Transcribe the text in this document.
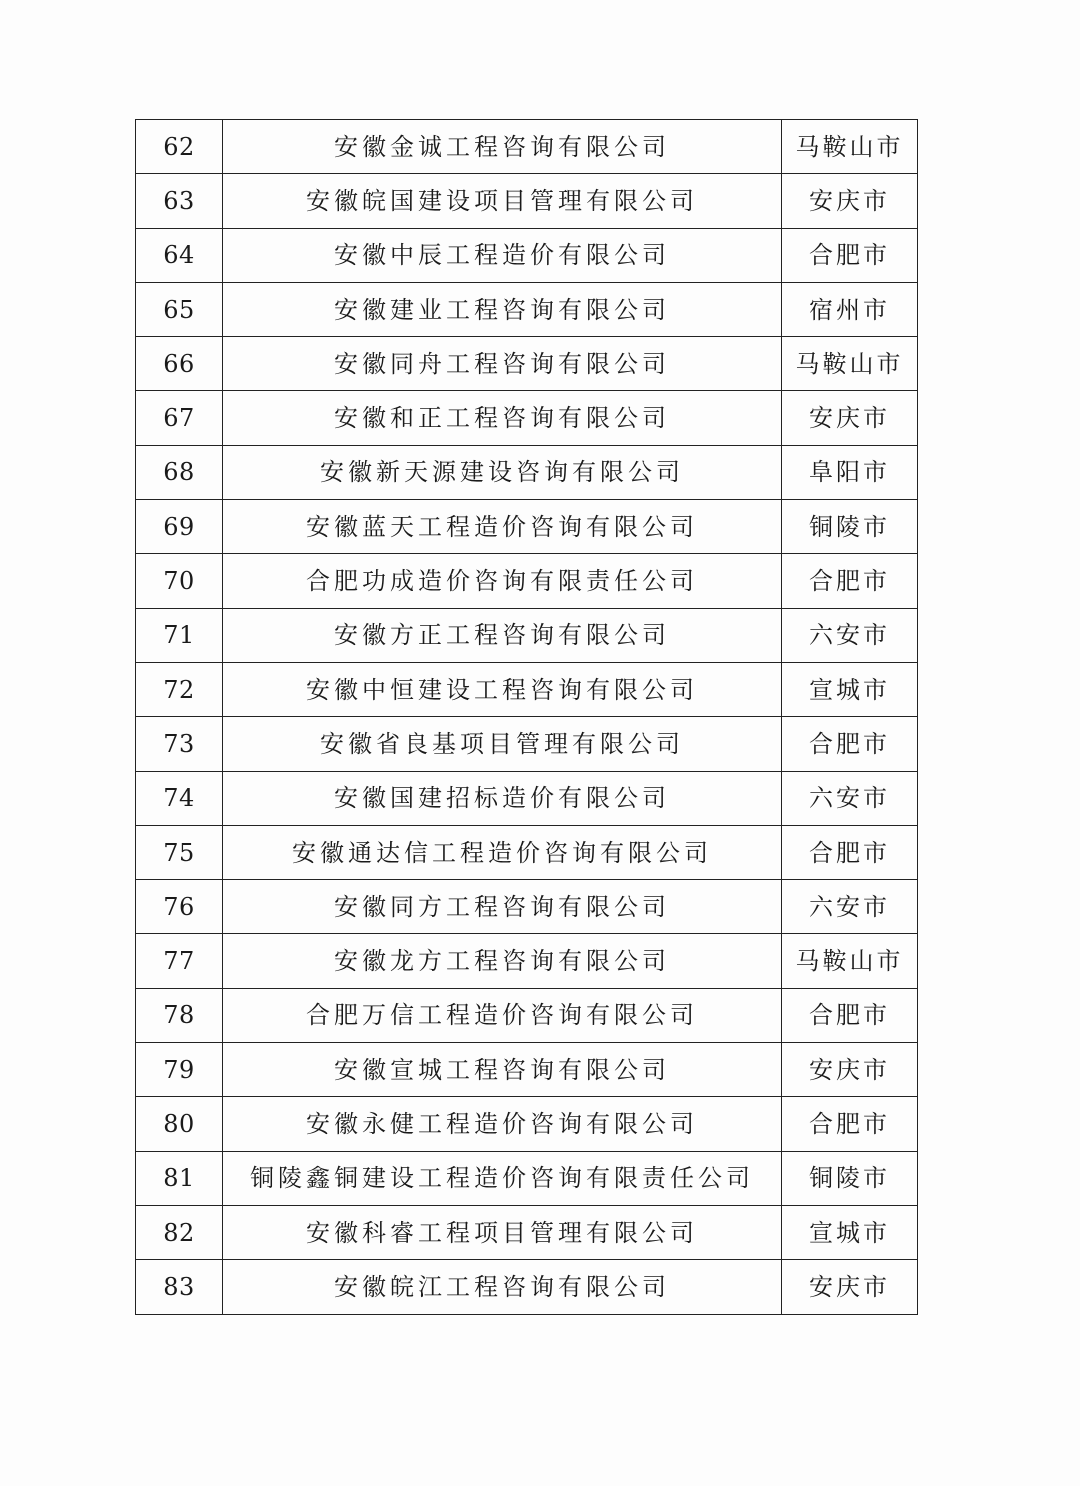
62	安徽金诚工程咨询有限公司	马鞍山市
63	安徽皖国建设项目管理有限公司	安庆市
64	安徽中辰工程造价有限公司	合肥市
65	安徽建业工程咨询有限公司	宿州市
66	安徽同舟工程咨询有限公司	马鞍山市
67	安徽和正工程咨询有限公司	安庆市
68	安徽新天源建设咨询有限公司	阜阳市
69	安徽蓝天工程造价咨询有限公司	铜陵市
70	合肥功成造价咨询有限责任公司	合肥市
71	安徽方正工程咨询有限公司	六安市
72	安徽中恒建设工程咨询有限公司	宣城市
73	安徽省良基项目管理有限公司	合肥市
74	安徽国建招标造价有限公司	六安市
75	安徽通达信工程造价咨询有限公司	合肥市
76	安徽同方工程咨询有限公司	六安市
77	安徽龙方工程咨询有限公司	马鞍山市
78	合肥万信工程造价咨询有限公司	合肥市
79	安徽宣城工程咨询有限公司	安庆市
80	安徽永健工程造价咨询有限公司	合肥市
81	铜陵鑫铜建设工程造价咨询有限责任公司	铜陵市
82	安徽科睿工程项目管理有限公司	宣城市
83	安徽皖江工程咨询有限公司	安庆市
